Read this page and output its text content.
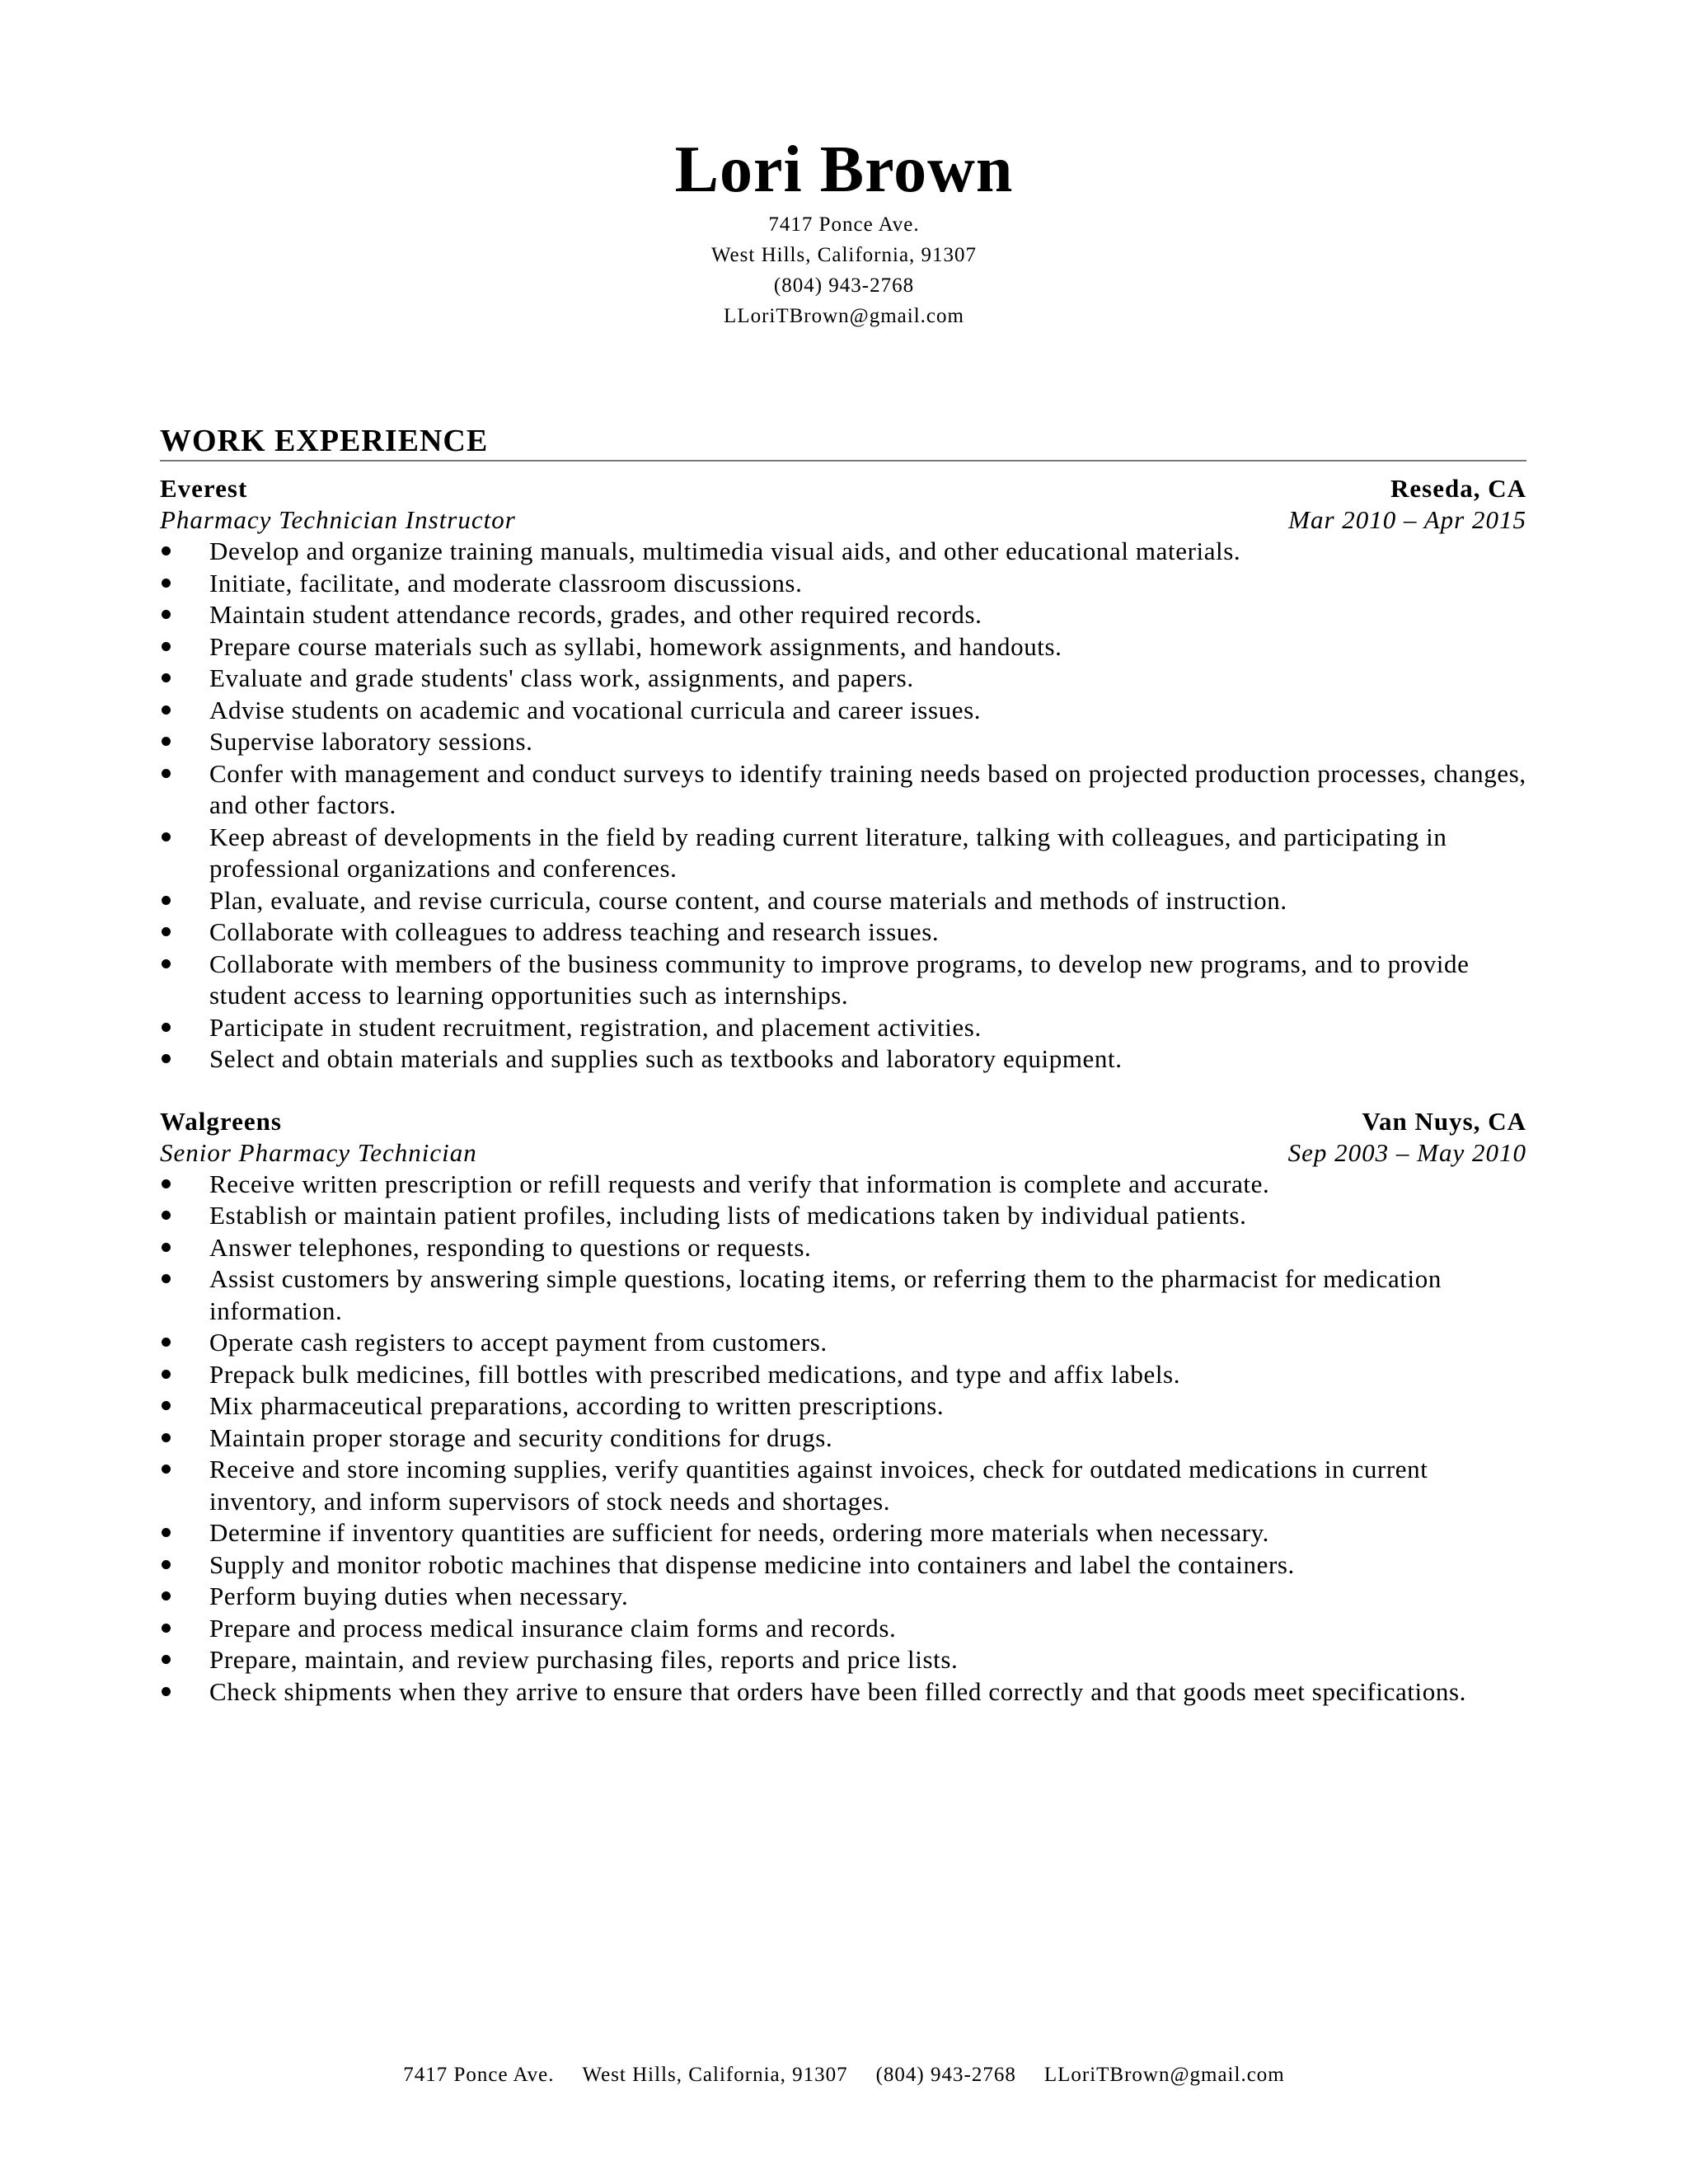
Lori Brown
7417 Ponce Ave.
West Hills, California, 91307
(804) 943-2768
LLoriTBrown@gmail.com
WORK EXPERIENCE
Everest	Reseda, CA
Pharmacy Technician Instructor	Mar 2010 – Apr 2015
Develop and organize training manuals, multimedia visual aids, and other educational materials.
Initiate, facilitate, and moderate classroom discussions.
Maintain student attendance records, grades, and other required records.
Prepare course materials such as syllabi, homework assignments, and handouts.
Evaluate and grade students' class work, assignments, and papers.
Advise students on academic and vocational curricula and career issues.
Supervise laboratory sessions.
Confer with management and conduct surveys to identify training needs based on projected production processes, changes, and other factors.
Keep abreast of developments in the field by reading current literature, talking with colleagues, and participating in professional organizations and conferences.
Plan, evaluate, and revise curricula, course content, and course materials and methods of instruction.
Collaborate with colleagues to address teaching and research issues.
Collaborate with members of the business community to improve programs, to develop new programs, and to provide student access to learning opportunities such as internships.
Participate in student recruitment, registration, and placement activities.
Select and obtain materials and supplies such as textbooks and laboratory equipment.
Walgreens	Van Nuys, CA
Senior Pharmacy Technician	Sep 2003 – May 2010
Receive written prescription or refill requests and verify that information is complete and accurate.
Establish or maintain patient profiles, including lists of medications taken by individual patients.
Answer telephones, responding to questions or requests.
Assist customers by answering simple questions, locating items, or referring them to the pharmacist for medication information.
Operate cash registers to accept payment from customers.
Prepack bulk medicines, fill bottles with prescribed medications, and type and affix labels.
Mix pharmaceutical preparations, according to written prescriptions.
Maintain proper storage and security conditions for drugs.
Receive and store incoming supplies, verify quantities against invoices, check for outdated medications in current inventory, and inform supervisors of stock needs and shortages.
Determine if inventory quantities are sufficient for needs, ordering more materials when necessary.
Supply and monitor robotic machines that dispense medicine into containers and label the containers.
Perform buying duties when necessary.
Prepare and process medical insurance claim forms and records.
Prepare, maintain, and review purchasing files, reports and price lists.
Check shipments when they arrive to ensure that orders have been filled correctly and that goods meet specifications.
7417 Ponce Ave. West Hills, California, 91307 (804) 943-2768 LLoriTBrown@gmail.com
